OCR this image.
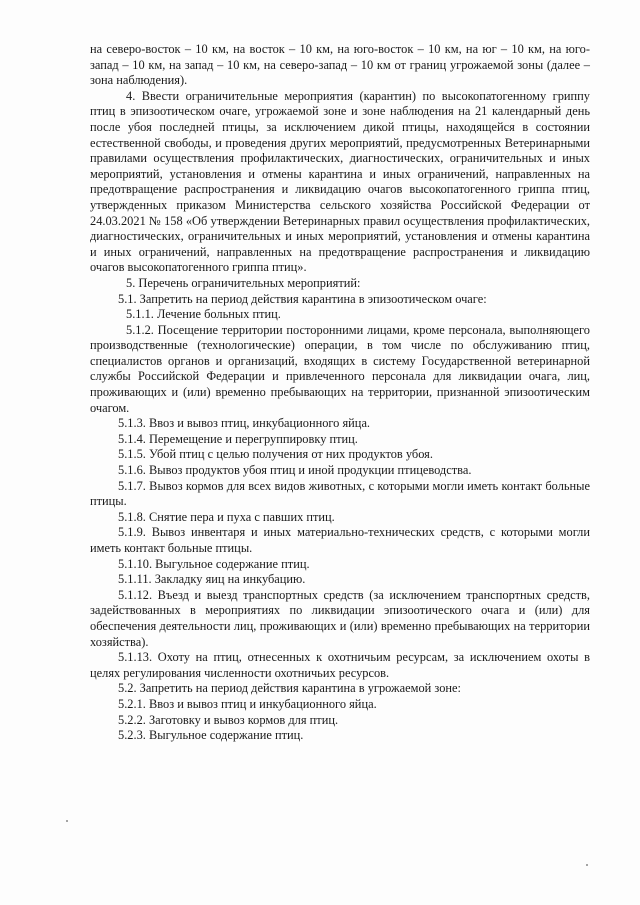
на северо-восток – 10 км, на восток – 10 км, на юго-восток – 10 км, на юг – 10 км, на юго-запад – 10 км, на запад – 10 км, на северо-запад – 10 км от границ угрожаемой зоны (далее – зона наблюдения).

4. Ввести ограничительные мероприятия (карантин) по высокопатогенному гриппу птиц в эпизоотическом очаге, угрожаемой зоне и зоне наблюдения на 21 календарный день после убоя последней птицы, за исключением дикой птицы, находящейся в состоянии естественной свободы, и проведения других мероприятий, предусмотренных Ветеринарными правилами осуществления профилактических, диагностических, ограничительных и иных мероприятий, установления и отмены карантина и иных ограничений, направленных на предотвращение распространения и ликвидацию очагов высокопатогенного гриппа птиц, утвержденных приказом Министерства сельского хозяйства Российской Федерации от 24.03.2021 № 158 «Об утверждении Ветеринарных правил осуществления профилактических, диагностических, ограничительных и иных мероприятий, установления и отмены карантина и иных ограничений, направленных на предотвращение распространения и ликвидацию очагов высокопатогенного гриппа птиц».

5. Перечень ограничительных мероприятий:

5.1. Запретить на период действия карантина в эпизоотическом очаге:

5.1.1. Лечение больных птиц.

5.1.2. Посещение территории посторонними лицами, кроме персонала, выполняющего производственные (технологические) операции, в том числе по обслуживанию птиц, специалистов органов и организаций, входящих в систему Государственной ветеринарной службы Российской Федерации и привлеченного персонала для ликвидации очага, лиц, проживающих и (или) временно пребывающих на территории, признанной эпизоотическим очагом.

5.1.3. Ввоз и вывоз птиц, инкубационного яйца.

5.1.4. Перемещение и перегруппировку птиц.

5.1.5. Убой птиц с целью получения от них продуктов убоя.

5.1.6. Вывоз продуктов убоя птиц и иной продукции птицеводства.

5.1.7. Вывоз кормов для всех видов животных, с которыми могли иметь контакт больные птицы.

5.1.8. Снятие пера и пуха с павших птиц.

5.1.9. Вывоз инвентаря и иных материально-технических средств, с которыми могли иметь контакт больные птицы.

5.1.10. Выгульное содержание птиц.

5.1.11. Закладку яиц на инкубацию.

5.1.12. Въезд и выезд транспортных средств (за исключением транспортных средств, задействованных в мероприятиях по ликвидации эпизоотического очага и (или) для обеспечения деятельности лиц, проживающих и (или) временно пребывающих на территории хозяйства).

5.1.13. Охоту на птиц, отнесенных к охотничьим ресурсам, за исключением охоты в целях регулирования численности охотничьих ресурсов.

5.2. Запретить на период действия карантина в угрожаемой зоне:

5.2.1. Ввоз и вывоз птиц и инкубационного яйца.

5.2.2. Заготовку и вывоз кормов для птиц.

5.2.3. Выгульное содержание птиц.
